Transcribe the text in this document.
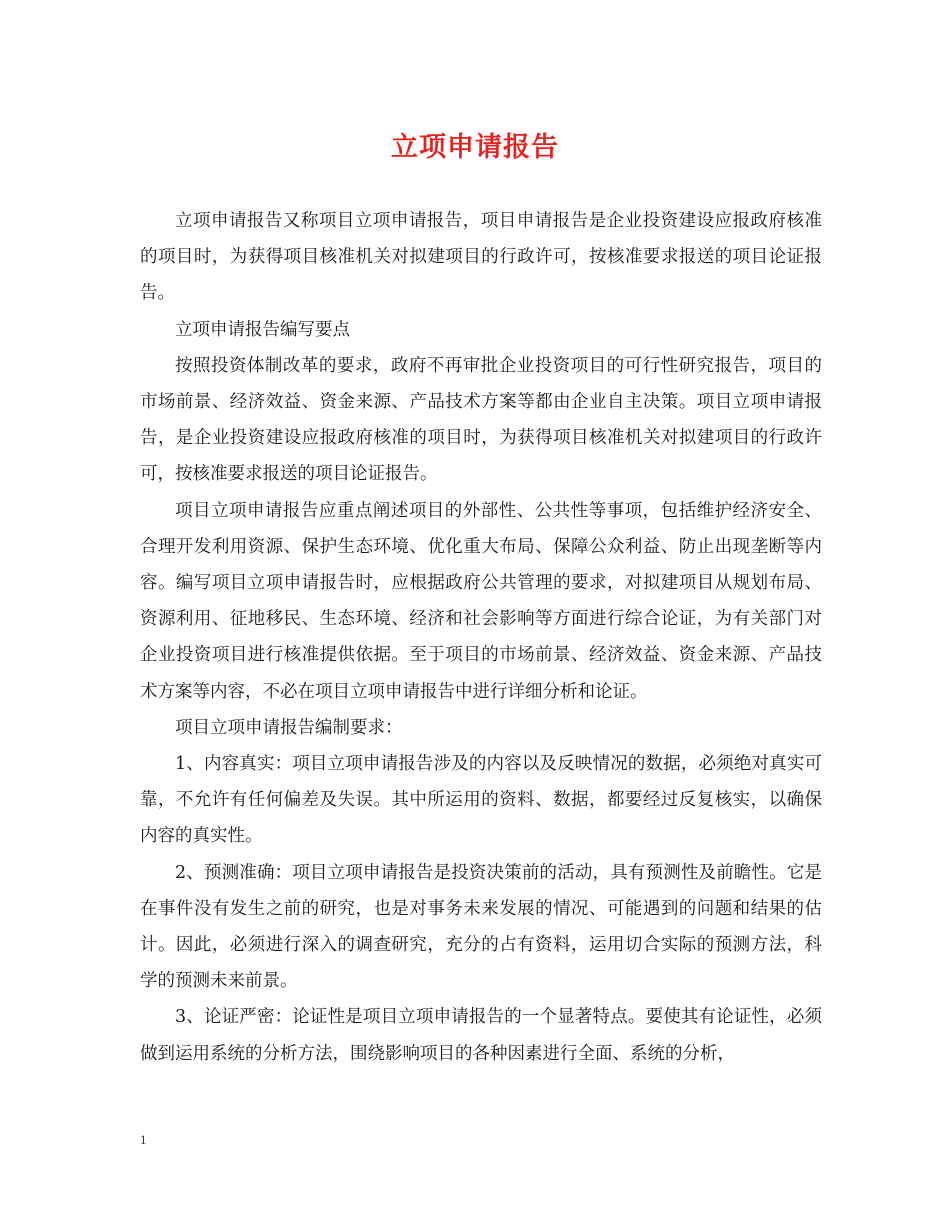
立项申请报告

立项申请报告又称项目立项申请报告，项目申请报告是企业投资建设应报政府核准的项目时，为获得项目核准机关对拟建项目的行政许可，按核准要求报送的项目论证报告。

立项申请报告编写要点

按照投资体制改革的要求，政府不再审批企业投资项目的可行性研究报告，项目的市场前景、经济效益、资金来源、产品技术方案等都由企业自主决策。项目立项申请报告，是企业投资建设应报政府核准的项目时，为获得项目核准机关对拟建项目的行政许可，按核准要求报送的项目论证报告。

项目立项申请报告应重点阐述项目的外部性、公共性等事项，包括维护经济安全、合理开发利用资源、保护生态环境、优化重大布局、保障公众利益、防止出现垄断等内容。编写项目立项申请报告时，应根据政府公共管理的要求，对拟建项目从规划布局、资源利用、征地移民、生态环境、经济和社会影响等方面进行综合论证，为有关部门对企业投资项目进行核准提供依据。至于项目的市场前景、经济效益、资金来源、产品技术方案等内容，不必在项目立项申请报告中进行详细分析和论证。

项目立项申请报告编制要求：

1、内容真实：项目立项申请报告涉及的内容以及反映情况的数据，必须绝对真实可靠，不允许有任何偏差及失误。其中所运用的资料、数据，都要经过反复核实，以确保内容的真实性。

2、预测准确：项目立项申请报告是投资决策前的活动，具有预测性及前瞻性。它是在事件没有发生之前的研究，也是对事务未来发展的情况、可能遇到的问题和结果的估计。因此，必须进行深入的调查研究，充分的占有资料，运用切合实际的预测方法，科学的预测未来前景。

3、论证严密：论证性是项目立项申请报告的一个显著特点。要使其有论证性，必须做到运用系统的分析方法，围绕影响项目的各种因素进行全面、系统的分析，

1
